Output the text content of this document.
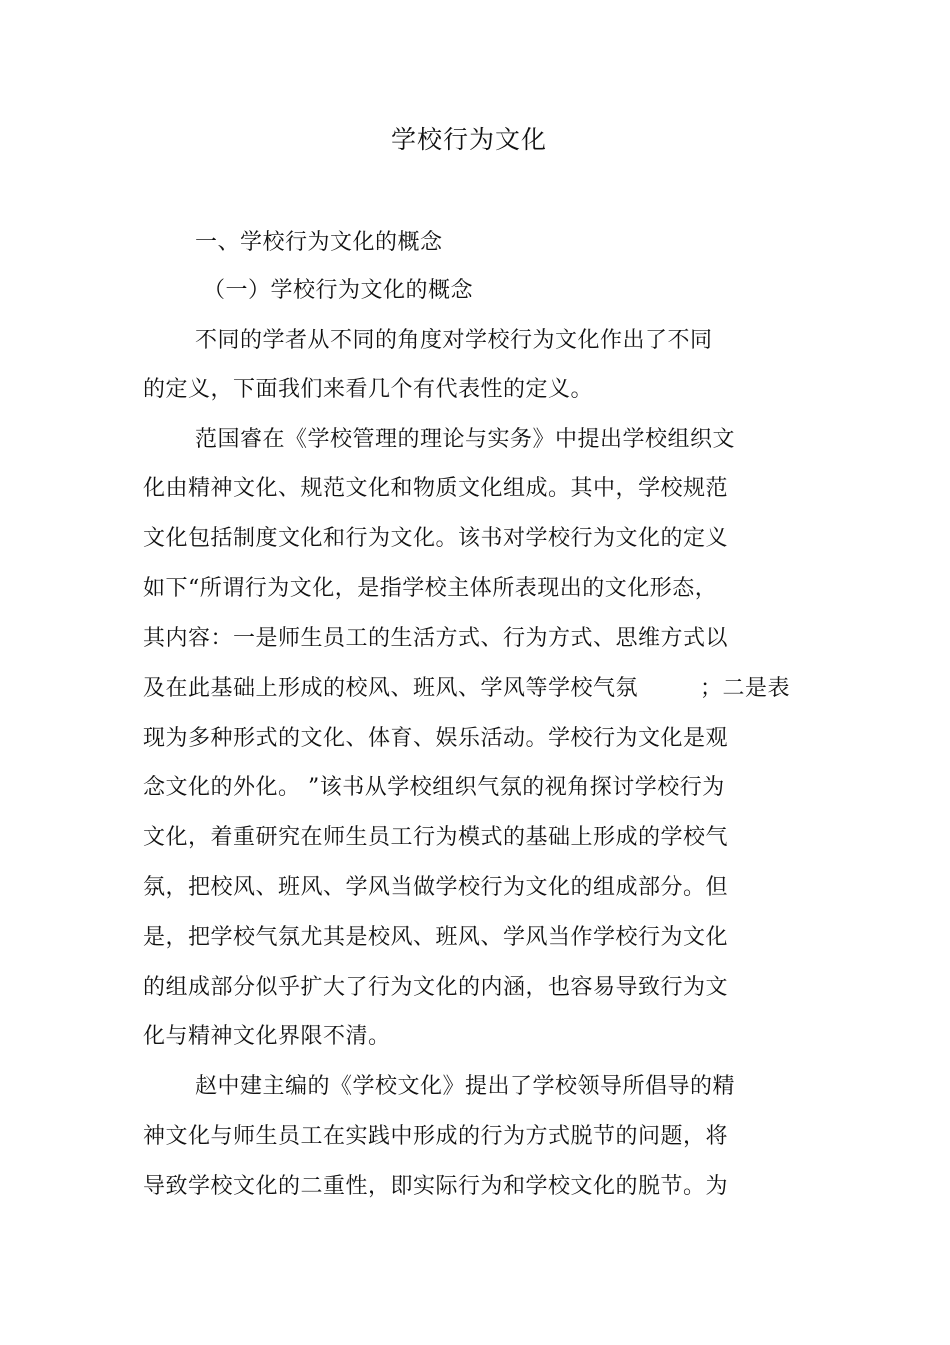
学校行为文化
一、学校行为文化的概念
（一）学校行为文化的概念
不同的学者从不同的角度对学校行为文化作出了不同
的定义，下面我们来看几个有代表性的定义。
范国睿在《学校管理的理论与实务》中提出学校组织文
化由精神文化、规范文化和物质文化组成。其中，学校规范
文化包括制度文化和行为文化。该书对学校行为文化的定义
如下“所谓行为文化，是指学校主体所表现出的文化形态，
其内容：一是师生员工的生活方式、行为方式、思维方式以
及在此基础上形成的校风、班风、学风等学校气氛	；二是表
现为多种形式的文化、体育、娱乐活动。学校行为文化是观
念文化的外化。 ”该书从学校组织气氛的视角探讨学校行为
文化，着重研究在师生员工行为模式的基础上形成的学校气
氛，把校风、班风、学风当做学校行为文化的组成部分。但
是，把学校气氛尤其是校风、班风、学风当作学校行为文化
的组成部分似乎扩大了行为文化的内涵，也容易导致行为文
化与精神文化界限不清。
赵中建主编的《学校文化》提出了学校领导所倡导的精
神文化与师生员工在实践中形成的行为方式脱节的问题，将
导致学校文化的二重性，即实际行为和学校文化的脱节。为
